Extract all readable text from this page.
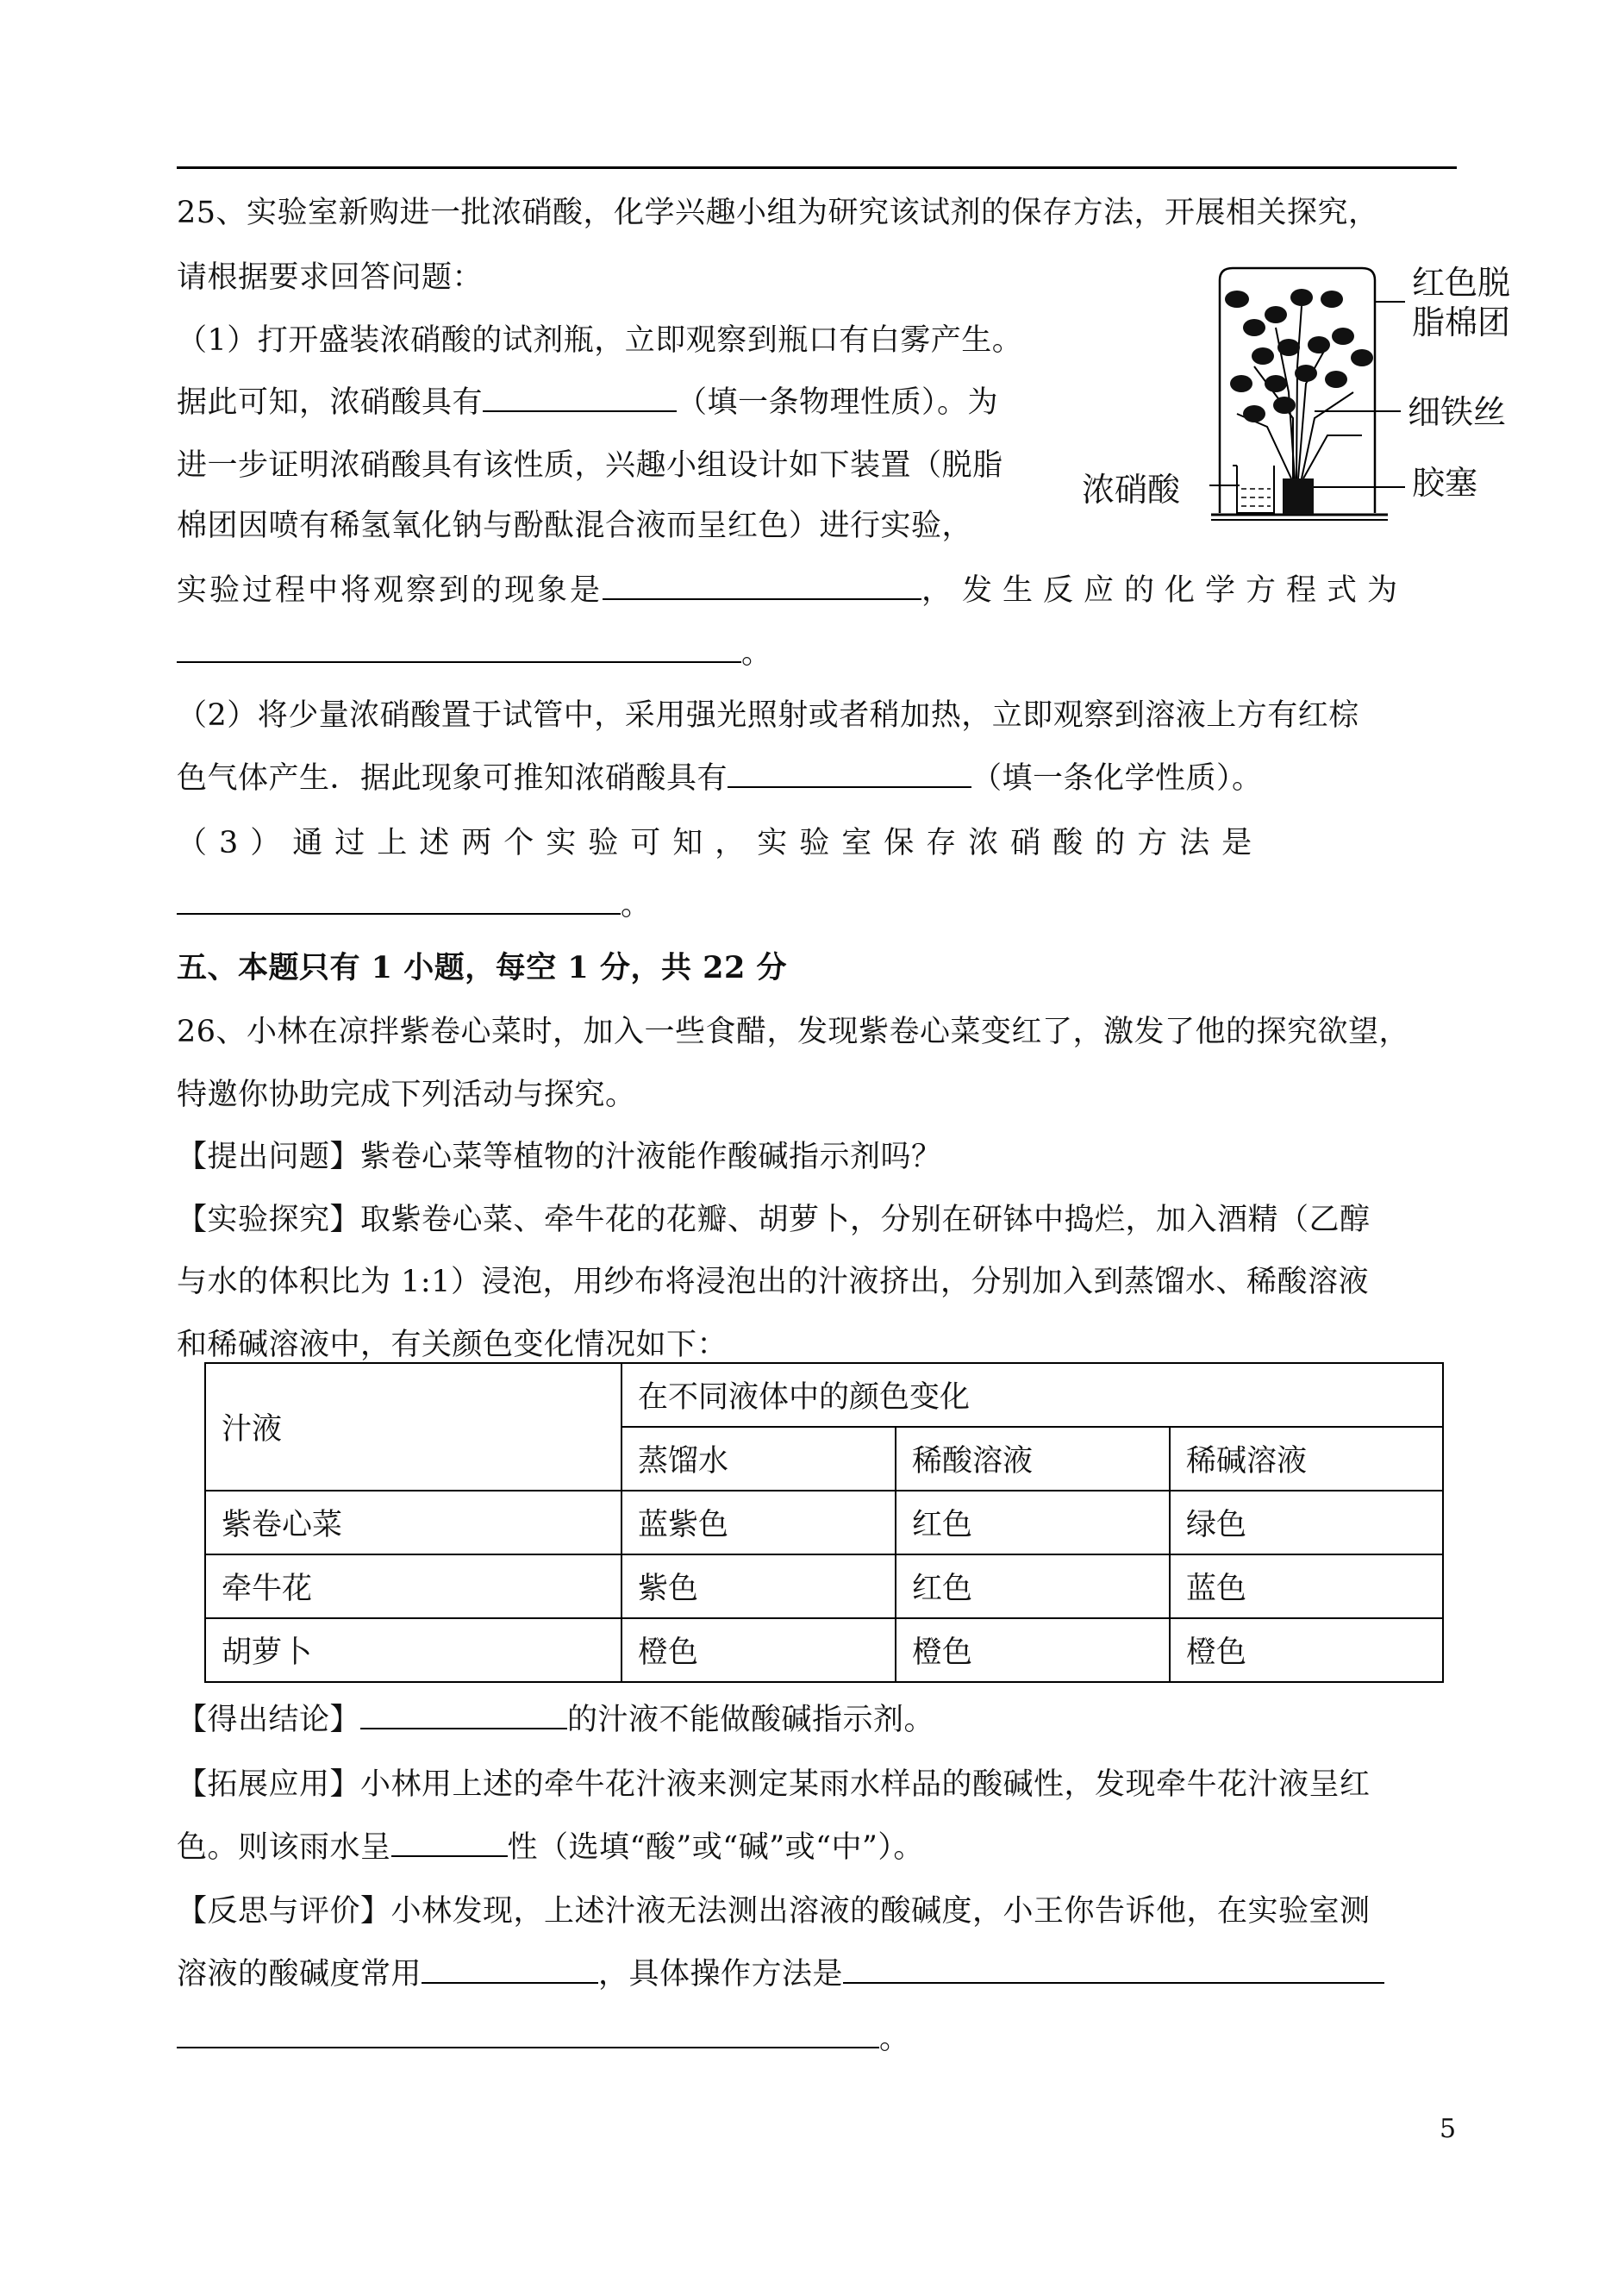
25、实验室新购进一批浓硝酸，化学兴趣小组为研究该试剂的保存方法，开展相关探究，
请根据要求回答问题：
（1）打开盛装浓硝酸的试剂瓶，立即观察到瓶口有白雾产生。
据此可知，浓硝酸具有	（填一条物理性质）。为
进一步证明浓硝酸具有该性质，兴趣小组设计如下装置（脱脂
棉团因喷有稀氢氧化钠与酚酞混合液而呈红色）进行实验，
实验过程中将观察到的现象是	，发生反应的化学方程式为
。
（2）将少量浓硝酸置于试管中，采用强光照射或者稍加热，立即观察到溶液上方有红棕
色气体产生．据此现象可推知浓硝酸具有	（填一条化学性质）。
（3）通过上述两个实验可知，实验室保存浓硝酸的方法是
。
红色脱
脂棉团
细铁丝
胶塞
浓硝酸
五、本题只有 1 小题，每空 1 分，共 22 分
26、小林在凉拌紫卷心菜时，加入一些食醋，发现紫卷心菜变红了，激发了他的探究欲望，
特邀你协助完成下列活动与探究。
【提出问题】紫卷心菜等植物的汁液能作酸碱指示剂吗？
【实验探究】取紫卷心菜、牵牛花的花瓣、胡萝卜，分别在研钵中捣烂，加入酒精（乙醇
与水的体积比为 1:1）浸泡，用纱布将浸泡出的汁液挤出，分别加入到蒸馏水、稀酸溶液
和稀碱溶液中，有关颜色变化情况如下：
汁液	在不同液体中的颜色变化		
	蒸馏水	稀酸溶液	稀碱溶液
紫卷心菜	蓝紫色	红色	绿色
牵牛花	紫色	红色	蓝色
胡萝卜	橙色	橙色	橙色
【得出结论】	的汁液不能做酸碱指示剂。
【拓展应用】小林用上述的牵牛花汁液来测定某雨水样品的酸碱性，发现牵牛花汁液呈红
色。则该雨水呈	性（选填“酸”或“碱”或“中”）。
【反思与评价】小林发现，上述汁液无法测出溶液的酸碱度，小王你告诉他，在实验室测
溶液的酸碱度常用	，具体操作方法是
。
5
